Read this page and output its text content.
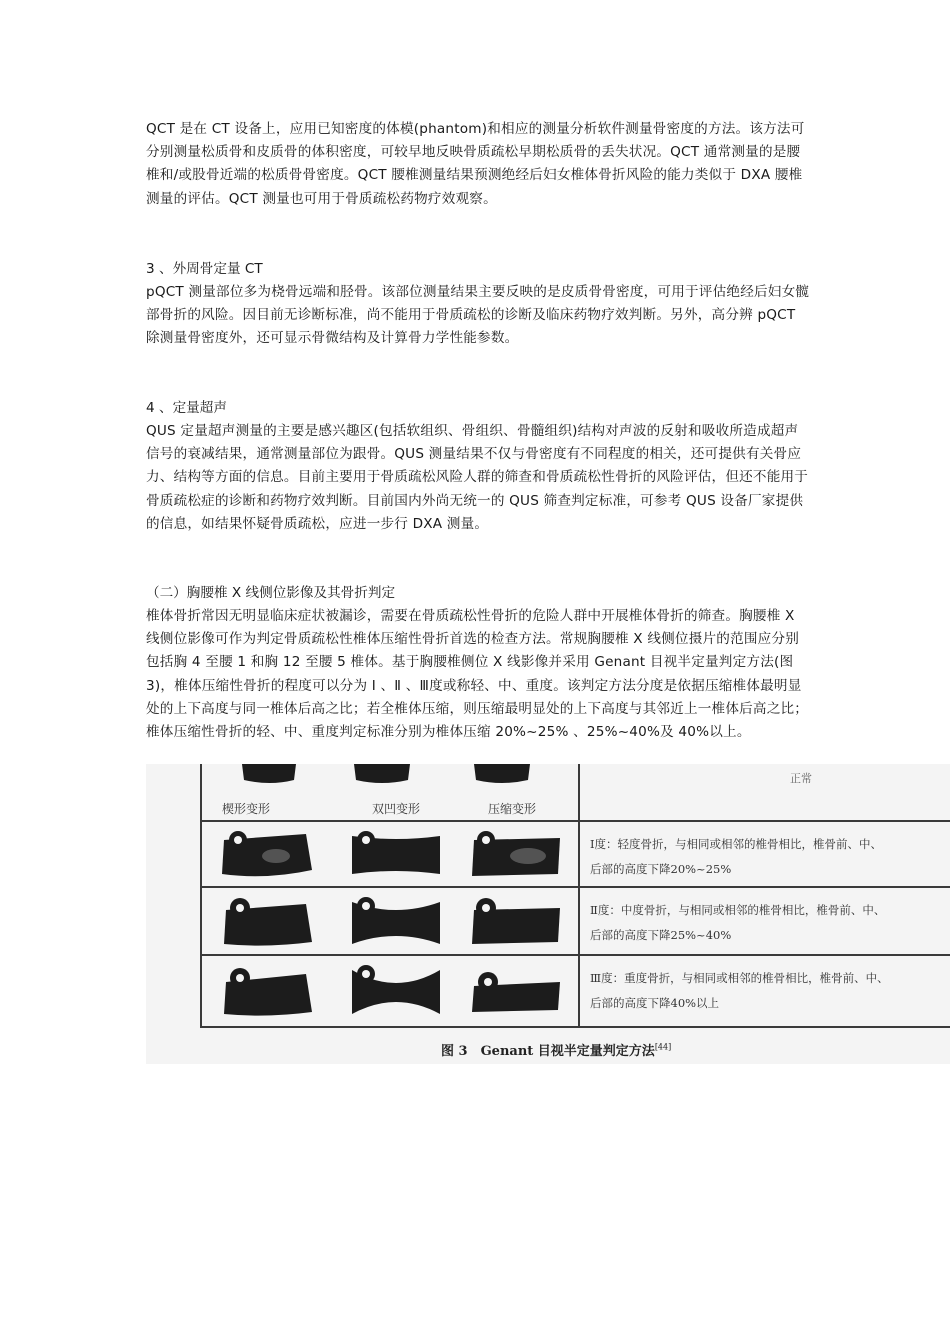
QCT 是在 CT 设备上，应用已知密度的体模(phantom)和相应的测量分析软件测量骨密度的方法。该方法可分别测量松质骨和皮质骨的体积密度，可较早地反映骨质疏松早期松质骨的丢失状况。QCT 通常测量的是腰椎和/或股骨近端的松质骨骨密度。QCT 腰椎测量结果预测绝经后妇女椎体骨折风险的能力类似于 DXA 腰椎测量的评估。QCT 测量也可用于骨质疏松药物疗效观察。

3 、外周骨定量 CT

pQCT 测量部位多为桡骨远端和胫骨。该部位测量结果主要反映的是皮质骨骨密度，可用于评估绝经后妇女髋部骨折的风险。因目前无诊断标准，尚不能用于骨质疏松的诊断及临床药物疗效判断。另外，高分辨 pQCT 除测量骨密度外，还可显示骨微结构及计算骨力学性能参数。

4 、定量超声

QUS 定量超声测量的主要是感兴趣区(包括软组织、骨组织、骨髓组织)结构对声波的反射和吸收所造成超声信号的衰减结果，通常测量部位为跟骨。QUS 测量结果不仅与骨密度有不同程度的相关，还可提供有关骨应力、结构等方面的信息。目前主要用于骨质疏松风险人群的筛查和骨质疏松性骨折的风险评估，但还不能用于骨质疏松症的诊断和药物疗效判断。目前国内外尚无统一的 QUS 筛查判定标准，可参考 QUS 设备厂家提供的信息，如结果怀疑骨质疏松，应进一步行 DXA 测量。

（二）胸腰椎 X 线侧位影像及其骨折判定

椎体骨折常因无明显临床症状被漏诊，需要在骨质疏松性骨折的危险人群中开展椎体骨折的筛查。胸腰椎 X 线侧位影像可作为判定骨质疏松性椎体压缩性骨折首选的检查方法。常规胸腰椎 X 线侧位摄片的范围应分别包括胸 4 至腰 1 和胸 12 至腰 5 椎体。基于胸腰椎侧位 X 线影像并采用 Genant 目视半定量判定方法(图 3)，椎体压缩性骨折的程度可以分为 Ⅰ 、Ⅱ 、Ⅲ度或称轻、中、重度。该判定方法分度是依据压缩椎体最明显处的上下高度与同一椎体后高之比；若全椎体压缩，则压缩最明显处的上下高度与其邻近上一椎体后高之比；椎体压缩性骨折的轻、中、重度判定标准分别为椎体压缩 20%~25% 、25%~40%及 40%以上。

正常
楔形变形	双凹变形	压缩变形
Ⅰ度：轻度骨折，与相同或相邻的椎骨相比，椎骨前、中、
后部的高度下降20%~25%
Ⅱ度：中度骨折，与相同或相邻的椎骨相比，椎骨前、中、
后部的高度下降25%~40%
Ⅲ度：重度骨折，与相同或相邻的椎骨相比，椎骨前、中、
后部的高度下降40%以上
图 3　Genant 目视半定量判定方法[44]
